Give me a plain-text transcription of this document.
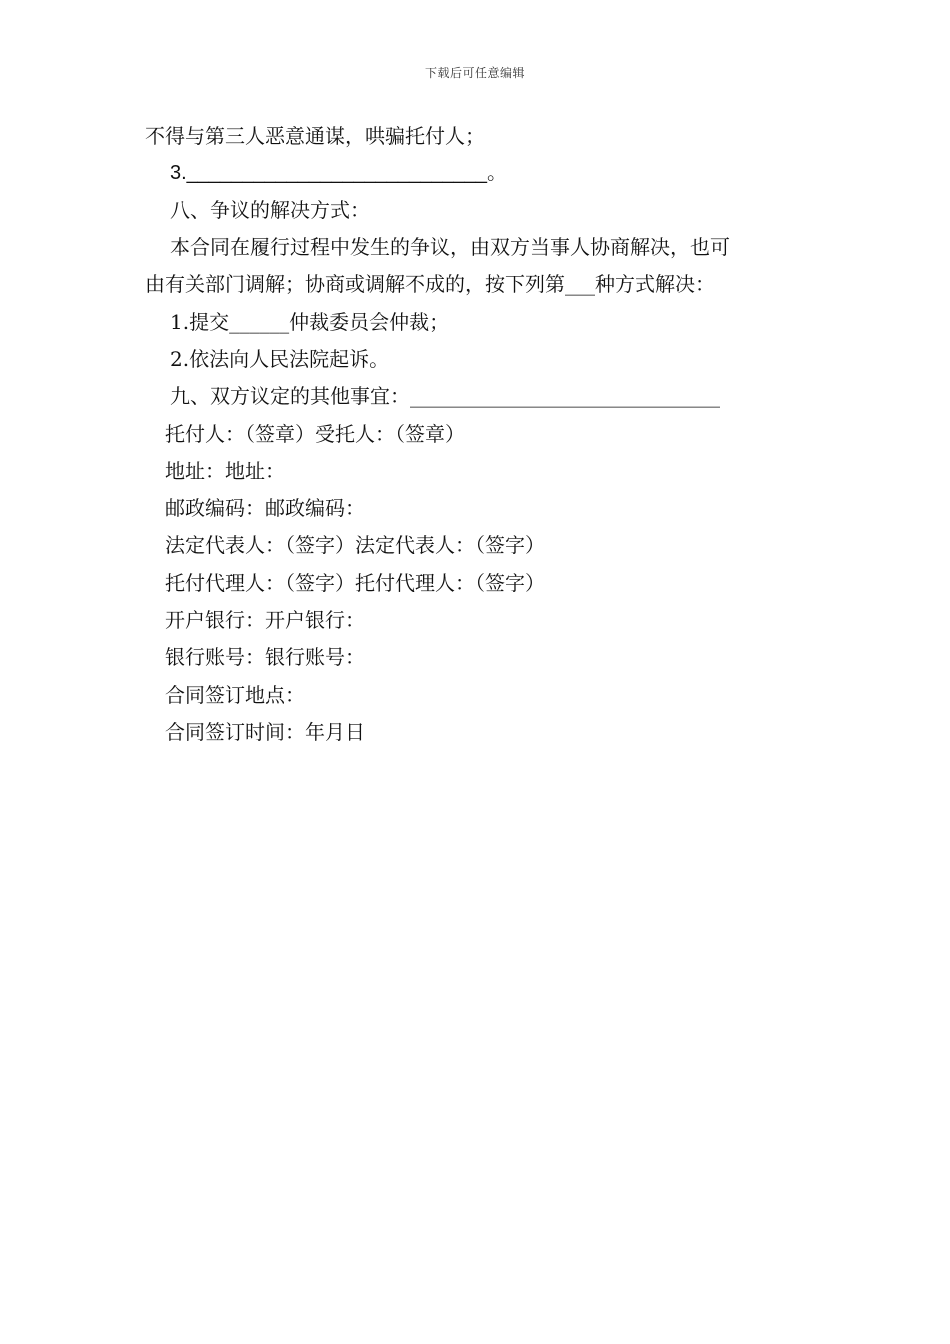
下载后可任意编辑
不得与第三人恶意通谋，哄骗托付人；
3.___________________________。
八、争议的解决方式：
本合同在履行过程中发生的争议，由双方当事人协商解决，也可
由有关部门调解；协商或调解不成的，按下列第___种方式解决：
1.提交______仲裁委员会仲裁；
2.依法向人民法院起诉。
九、双方议定的其他事宜：_______________________________
托付人：（签章）受托人：（签章）
地址：地址：
邮政编码：邮政编码：
法定代表人：（签字）法定代表人：（签字）
托付代理人：（签字）托付代理人：（签字）
开户银行：开户银行：
银行账号：银行账号：
合同签订地点：
合同签订时间：年月日
